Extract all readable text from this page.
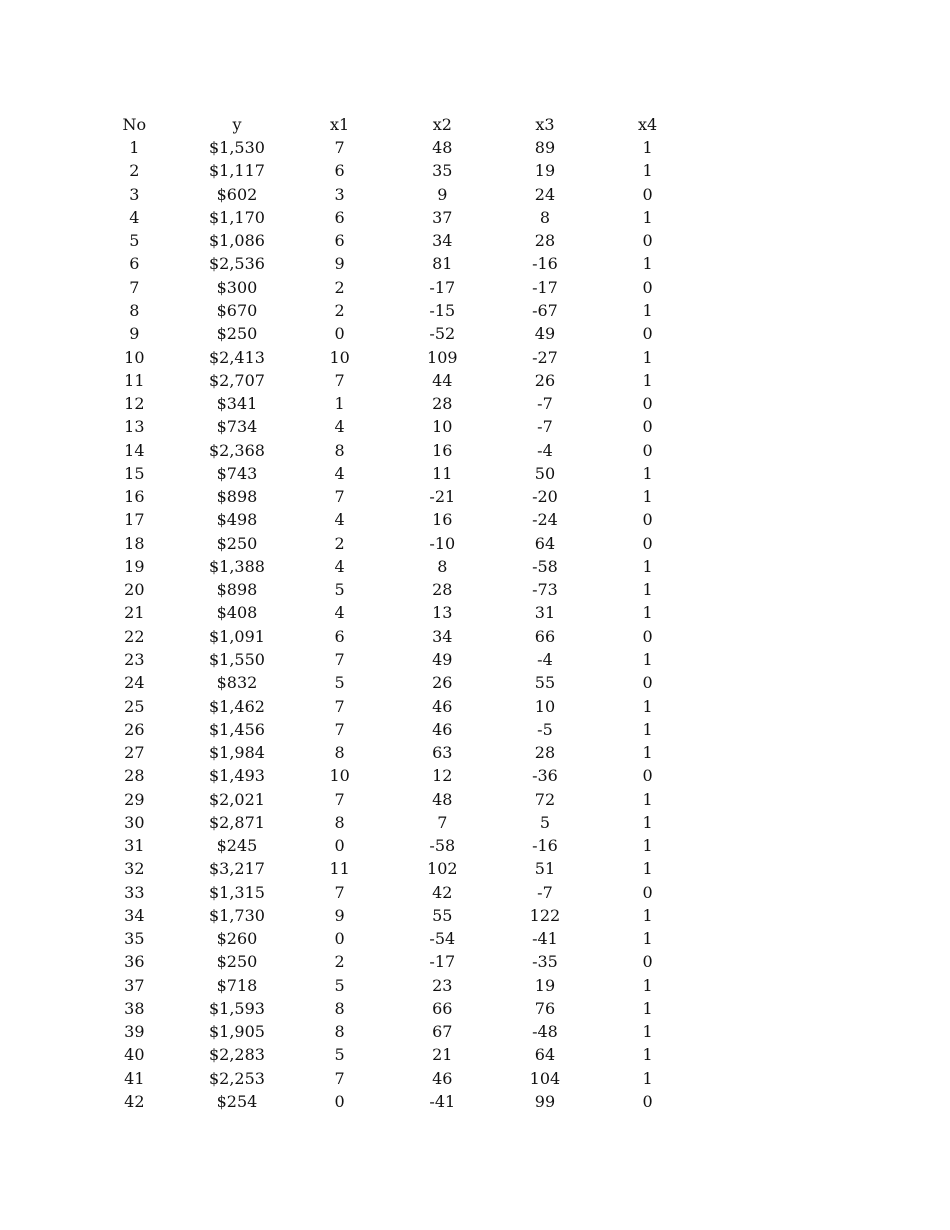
No	y	x1	x2	x3	x4
1	$1,530	7	48	89	1
2	$1,117	6	35	19	1
3	$602	3	9	24	0
4	$1,170	6	37	8	1
5	$1,086	6	34	28	0
6	$2,536	9	81	-16	1
7	$300	2	-17	-17	0
8	$670	2	-15	-67	1
9	$250	0	-52	49	0
10	$2,413	10	109	-27	1
11	$2,707	7	44	26	1
12	$341	1	28	-7	0
13	$734	4	10	-7	0
14	$2,368	8	16	-4	0
15	$743	4	11	50	1
16	$898	7	-21	-20	1
17	$498	4	16	-24	0
18	$250	2	-10	64	0
19	$1,388	4	8	-58	1
20	$898	5	28	-73	1
21	$408	4	13	31	1
22	$1,091	6	34	66	0
23	$1,550	7	49	-4	1
24	$832	5	26	55	0
25	$1,462	7	46	10	1
26	$1,456	7	46	-5	1
27	$1,984	8	63	28	1
28	$1,493	10	12	-36	0
29	$2,021	7	48	72	1
30	$2,871	8	7	5	1
31	$245	0	-58	-16	1
32	$3,217	11	102	51	1
33	$1,315	7	42	-7	0
34	$1,730	9	55	122	1
35	$260	0	-54	-41	1
36	$250	2	-17	-35	0
37	$718	5	23	19	1
38	$1,593	8	66	76	1
39	$1,905	8	67	-48	1
40	$2,283	5	21	64	1
41	$2,253	7	46	104	1
42	$254	0	-41	99	0
